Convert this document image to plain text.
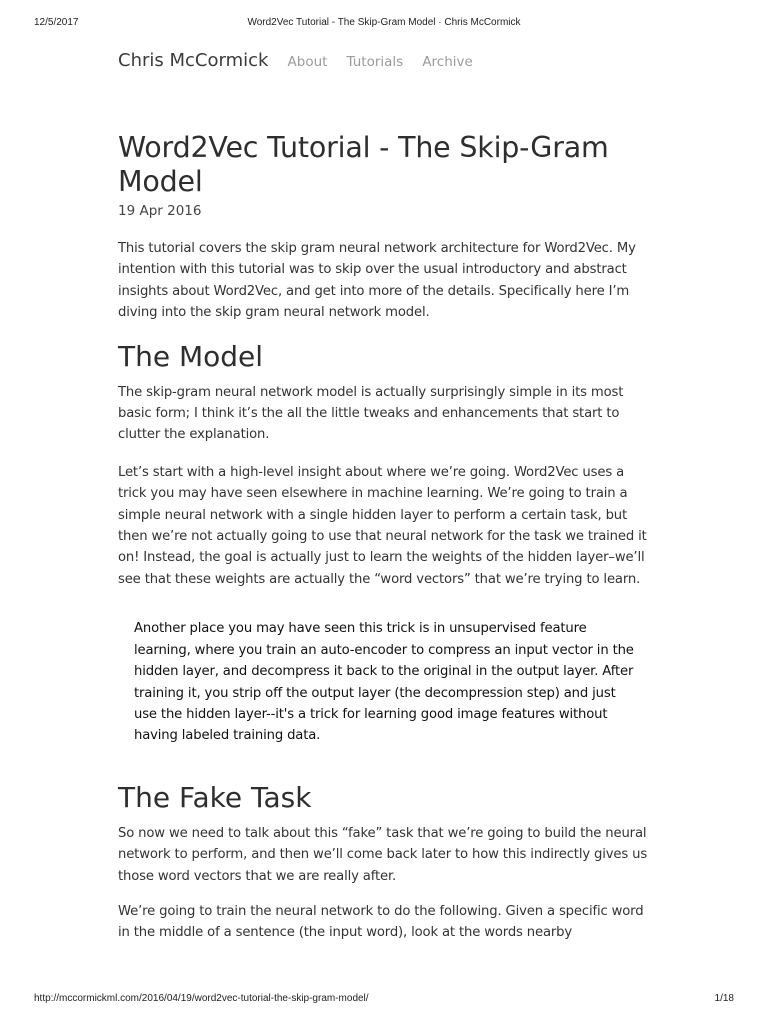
12/5/2017	Word2Vec Tutorial - The Skip-Gram Model · Chris McCormick
Chris McCormick About Tutorials Archive
Word2Vec Tutorial - The Skip-Gram Model
19 Apr 2016

This tutorial covers the skip gram neural network architecture for Word2Vec. My intention with this tutorial was to skip over the usual introductory and abstract insights about Word2Vec, and get into more of the details. Specifically here I’m diving into the skip gram neural network model.

The Model

The skip-gram neural network model is actually surprisingly simple in its most basic form; I think it’s the all the little tweaks and enhancements that start to clutter the explanation.

Let’s start with a high-level insight about where we’re going. Word2Vec uses a trick you may have seen elsewhere in machine learning. We’re going to train a simple neural network with a single hidden layer to perform a certain task, but then we’re not actually going to use that neural network for the task we trained it on! Instead, the goal is actually just to learn the weights of the hidden layer–we’ll see that these weights are actually the “word vectors” that we’re trying to learn.

Another place you may have seen this trick is in unsupervised feature learning, where you train an auto-encoder to compress an input vector in the hidden layer, and decompress it back to the original in the output layer. After training it, you strip off the output layer (the decompression step) and just use the hidden layer--it's a trick for learning good image features without having labeled training data.

The Fake Task

So now we need to talk about this “fake” task that we’re going to build the neural network to perform, and then we’ll come back later to how this indirectly gives us those word vectors that we are really after.

We’re going to train the neural network to do the following. Given a specific word in the middle of a sentence (the input word), look at the words nearby

http://mccormickml.com/2016/04/19/word2vec-tutorial-the-skip-gram-model/	1/18
